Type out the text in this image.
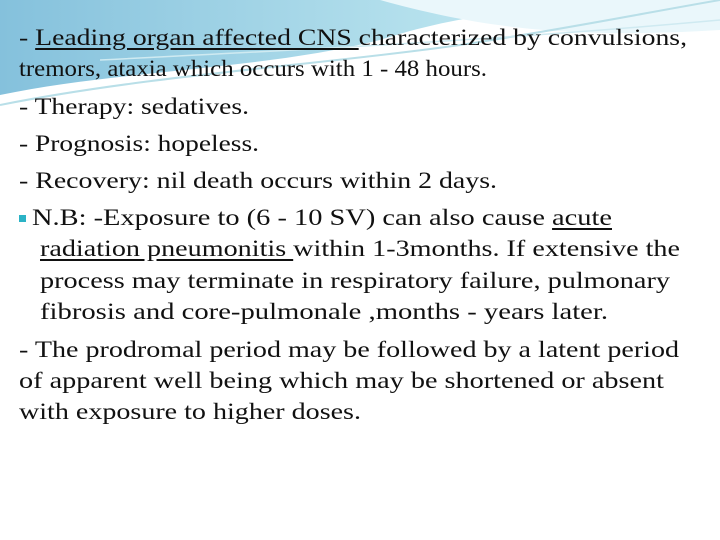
- Leading organ affected CNS characterized by convulsions,
tremors, ataxia which occurs with 1 - 48 hours.
- Therapy: sedatives.
- Prognosis: hopeless.
- Recovery: nil death occurs within 2 days.
N.B: -Exposure to (6 - 10 SV) can also cause acute
radiation pneumonitis within 1-3months. If extensive the
process may terminate in respiratory failure, pulmonary
fibrosis and core-pulmonale ,months - years later.
- The prodromal period may be followed by a latent period
of apparent well being which may be shortened or absent
with exposure to higher doses.
